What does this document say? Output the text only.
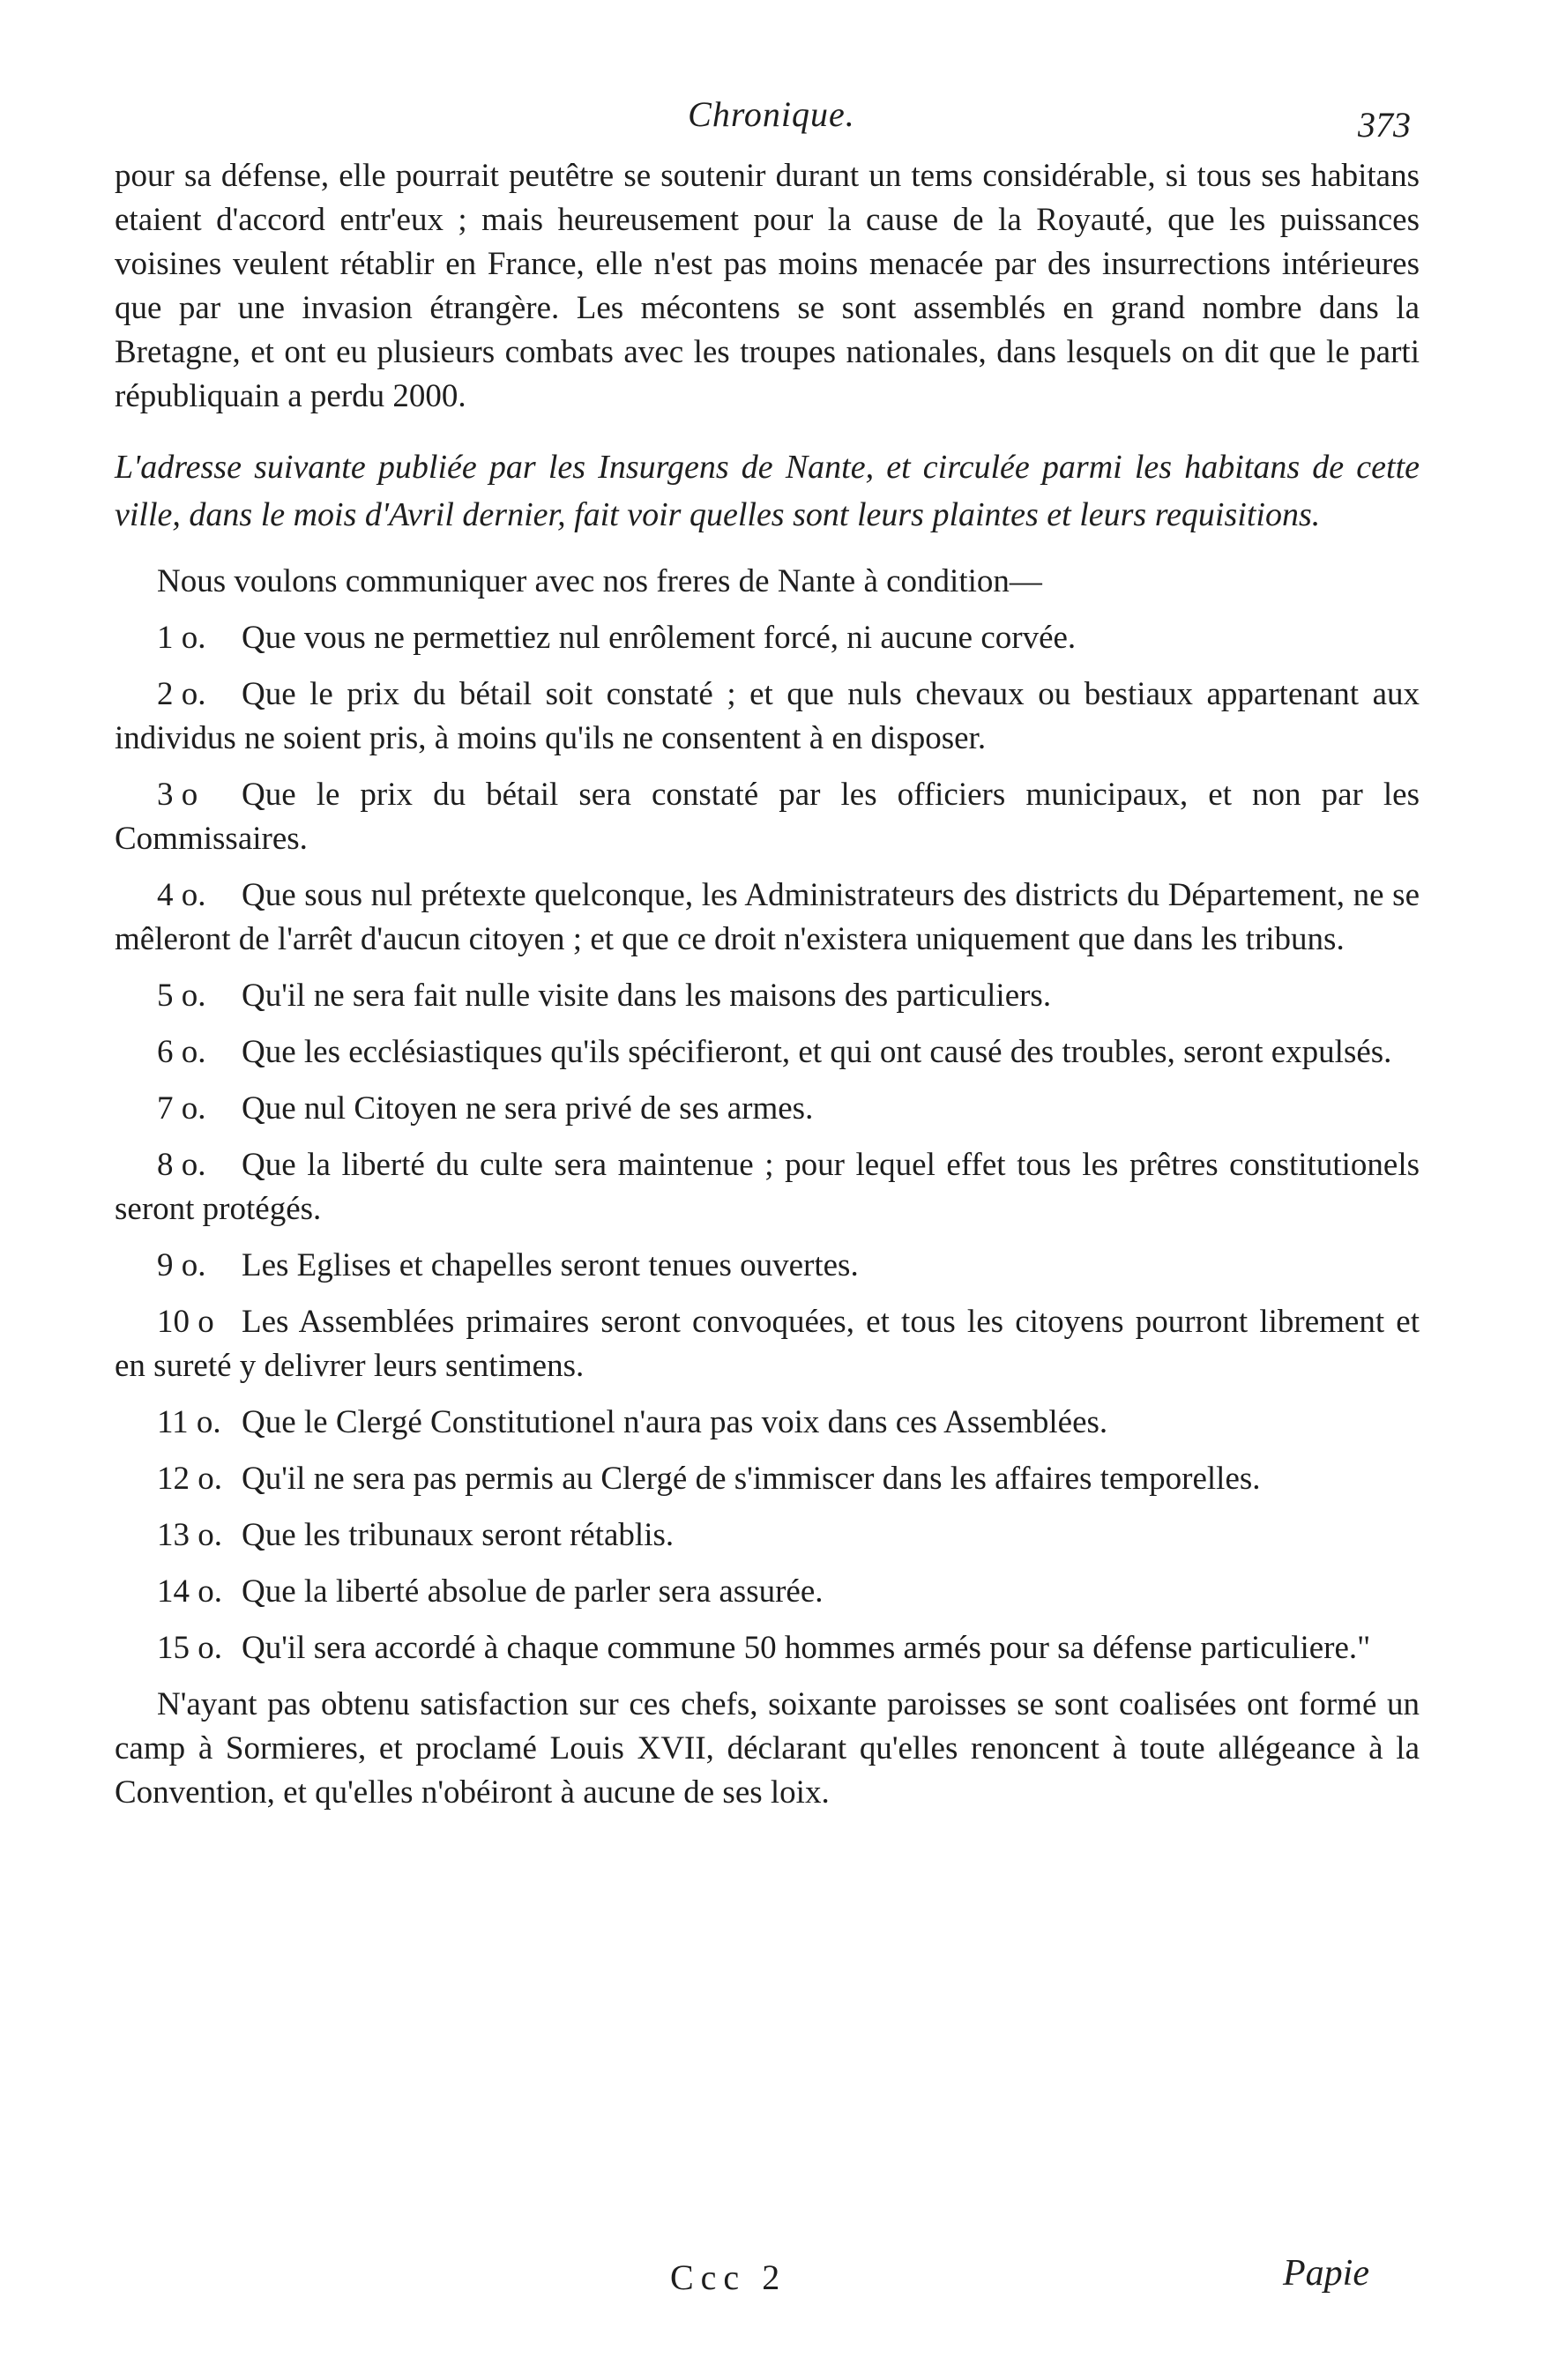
Chronique.	373

pour sa défense, elle pourrait peutêtre se soutenir durant un tems considérable, si tous ses habitans etaient d'accord entr'eux ; mais heureusement pour la cause de la Royauté, que les puissances voisines veulent rétablir en France, elle n'est pas moins menacée par des insurrections intérieures que par une invasion étrangère. Les mécontens se sont assemblés en grand nombre dans la Bretagne, et ont eu plusieurs combats avec les troupes nationales, dans lesquels on dit que le parti républiquain a perdu 2000.

L'adresse suivante publiée par les Insurgens de Nante, et circulée parmi les habitans de cette ville, dans le mois d'Avril dernier, fait voir quelles sont leurs plaintes et leurs requisitions.

Nous voulons communiquer avec nos freres de Nante à condition—

1 o. Que vous ne permettiez nul enrôlement forcé, ni aucune corvée.

2 o. Que le prix du bétail soit constaté ; et que nuls chevaux ou bestiaux appartenant aux individus ne soient pris, à moins qu'ils ne consentent à en disposer.

3 o Que le prix du bétail sera constaté par les officiers municipaux, et non par les Commissaires.

4 o. Que sous nul prétexte quelconque, les Administrateurs des districts du Département, ne se mêleront de l'arrêt d'aucun citoyen ; et que ce droit n'existera uniquement que dans les tribuns.

5 o. Qu'il ne sera fait nulle visite dans les maisons des particuliers.

6 o. Que les ecclésiastiques qu'ils spécifieront, et qui ont causé des troubles, seront expulsés.

7 o. Que nul Citoyen ne sera privé de ses armes.

8 o. Que la liberté du culte sera maintenue ; pour lequel effet tous les prêtres constitutionels seront protégés.

9 o. Les Eglises et chapelles seront tenues ouvertes.

10 o Les Assemblées primaires seront convoquées, et tous les citoyens pourront librement et en sureté y delivrer leurs sentimens.

11 o. Que le Clergé Constitutionel n'aura pas voix dans ces Assemblées.

12 o. Qu'il ne sera pas permis au Clergé de s'immiscer dans les affaires temporelles.

13 o. Que les tribunaux seront rétablis.

14 o. Que la liberté absolue de parler sera assurée.

15 o. Qu'il sera accordé à chaque commune 50 hommes armés pour sa défense particuliere."

N'ayant pas obtenu satisfaction sur ces chefs, soixante paroisses se sont coalisées ont formé un camp à Sormieres, et proclamé Louis XVII, déclarant qu'elles renoncent à toute allégeance à la Convention, et qu'elles n'obéiront à aucune de ses loix.

Ccc 2	Papie
